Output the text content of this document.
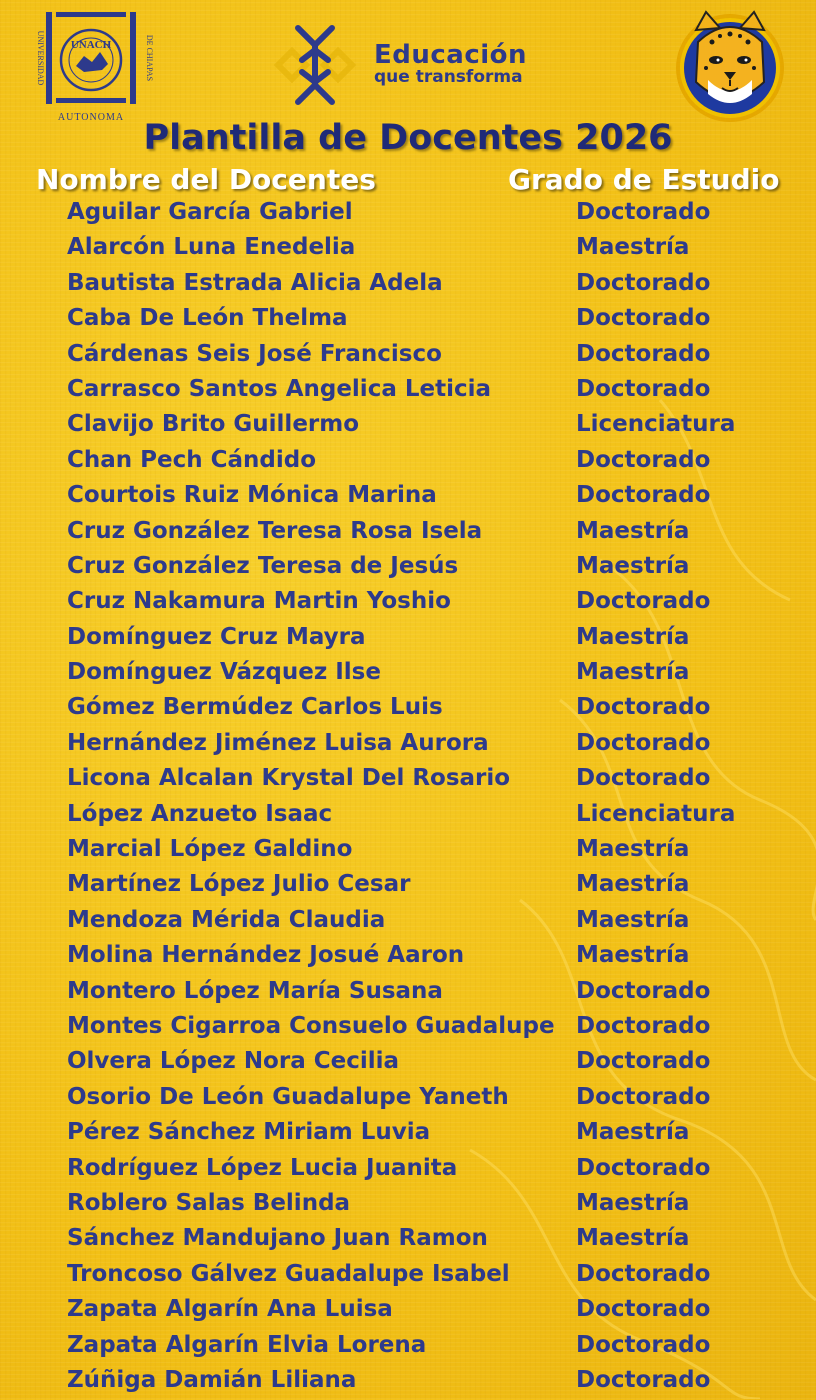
UNACH
UNIVERSIDAD	DE CHIAPAS
AUTONOMA
Educación
que transforma
Plantilla de Docentes 2026
Nombre del Docentes	Grado de Estudio
Aguilar García Gabriel	Doctorado
Alarcón Luna Enedelia	Maestría
Bautista Estrada Alicia Adela	Doctorado
Caba De León Thelma	Doctorado
Cárdenas Seis José Francisco	Doctorado
Carrasco Santos Angelica Leticia	Doctorado
Clavijo Brito Guillermo	Licenciatura
Chan Pech Cándido	Doctorado
Courtois Ruiz Mónica Marina	Doctorado
Cruz González Teresa Rosa Isela	Maestría
Cruz González Teresa de Jesús	Maestría
Cruz Nakamura Martin Yoshio	Doctorado
Domínguez Cruz Mayra	Maestría
Domínguez Vázquez Ilse	Maestría
Gómez Bermúdez Carlos Luis	Doctorado
Hernández Jiménez Luisa Aurora	Doctorado
Licona Alcalan Krystal Del Rosario	Doctorado
López Anzueto Isaac	Licenciatura
Marcial López Galdino	Maestría
Martínez López Julio Cesar	Maestría
Mendoza Mérida Claudia	Maestría
Molina Hernández Josué Aaron	Maestría
Montero López María Susana	Doctorado
Montes Cigarroa Consuelo Guadalupe Doctorado
Olvera López Nora Cecilia	Doctorado
Osorio De León Guadalupe Yaneth	Doctorado
Pérez Sánchez Miriam Luvia	Maestría
Rodríguez López Lucia Juanita	Doctorado
Roblero Salas Belinda	Maestría
Sánchez Mandujano Juan Ramon	Maestría
Troncoso Gálvez Guadalupe Isabel	Doctorado
Zapata Algarín Ana Luisa	Doctorado
Zapata Algarín Elvia Lorena	Doctorado
Zúñiga Damián Liliana	Doctorado
